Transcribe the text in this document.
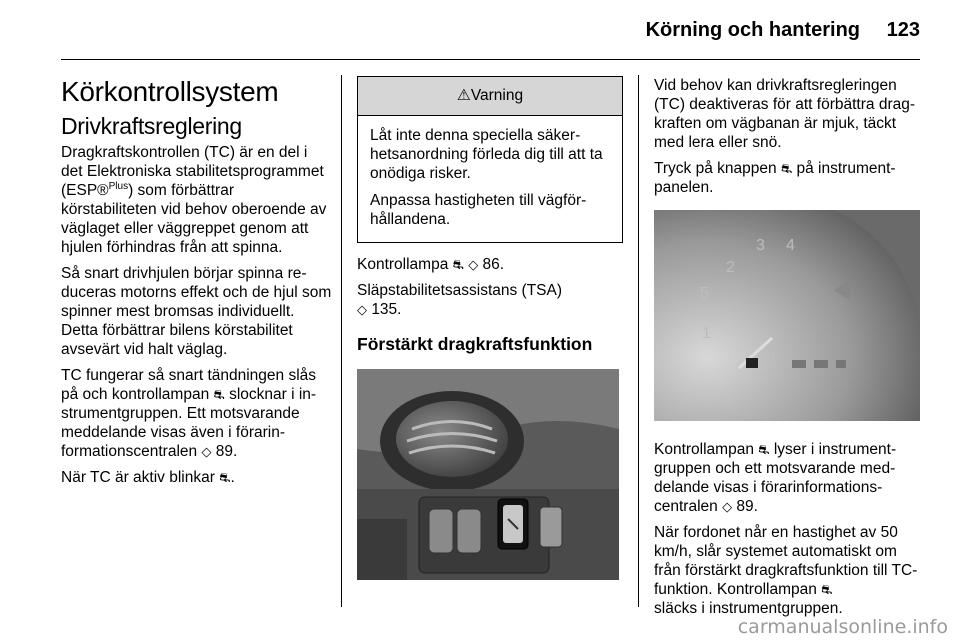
Körning och hantering 123
Körkontrollsystem
Drivkraftsreglering

Dragkraftskontrollen (TC) är en del i det Elektroniska stabilitetsprogrammet (ESP®$^{Plus}$) som förbättrar körstabiliteten vid behov oberoende av väglaget eller väggreppet genom att hjulen förhindras från att spinna.

Så snart drivhjulen börjar spinna reduceras motorns effekt och de hjul som spinner mest bromsas individuellt. Detta förbättrar bilens körstabilitet avsevärt vid halt väglag.

TC fungerar så snart tändningen slås på och kontrollampan ⛐ slocknar i instrumentgruppen. Ett motsvarande meddelande visas även i förarinformationscentralen ◇ 89.

När TC är aktiv blinkar ⛐.

⚠Varning

Låt inte denna speciella säkerhetsanordning förleda dig till att ta onödiga risker.

Anpassa hastigheten till vägförhållandena.

Kontrollampa ⛐ ◇ 86.

Släpstabilitetsassistans (TSA)
◇ 135.

Förstärkt dragkraftsfunktion

Vid behov kan drivkraftsregleringen (TC) deaktiveras för att förbättra dragkraften om vägbanan är mjuk, täckt med lera eller snö.

Tryck på knappen ⛐ på instrumentpanelen.

4
3
2
5
1

Kontrollampan ⛐ lyser i instrumentgruppen och ett motsvarande meddelande visas i förarinformationscentralen ◇ 89.

När fordonet når en hastighet av 50 km/h, slår systemet automatiskt om från förstärkt dragkraftsfunktion till TC-funktion. Kontrollampan ⛐
släcks i instrumentgruppen.

carmanualsonline.info
